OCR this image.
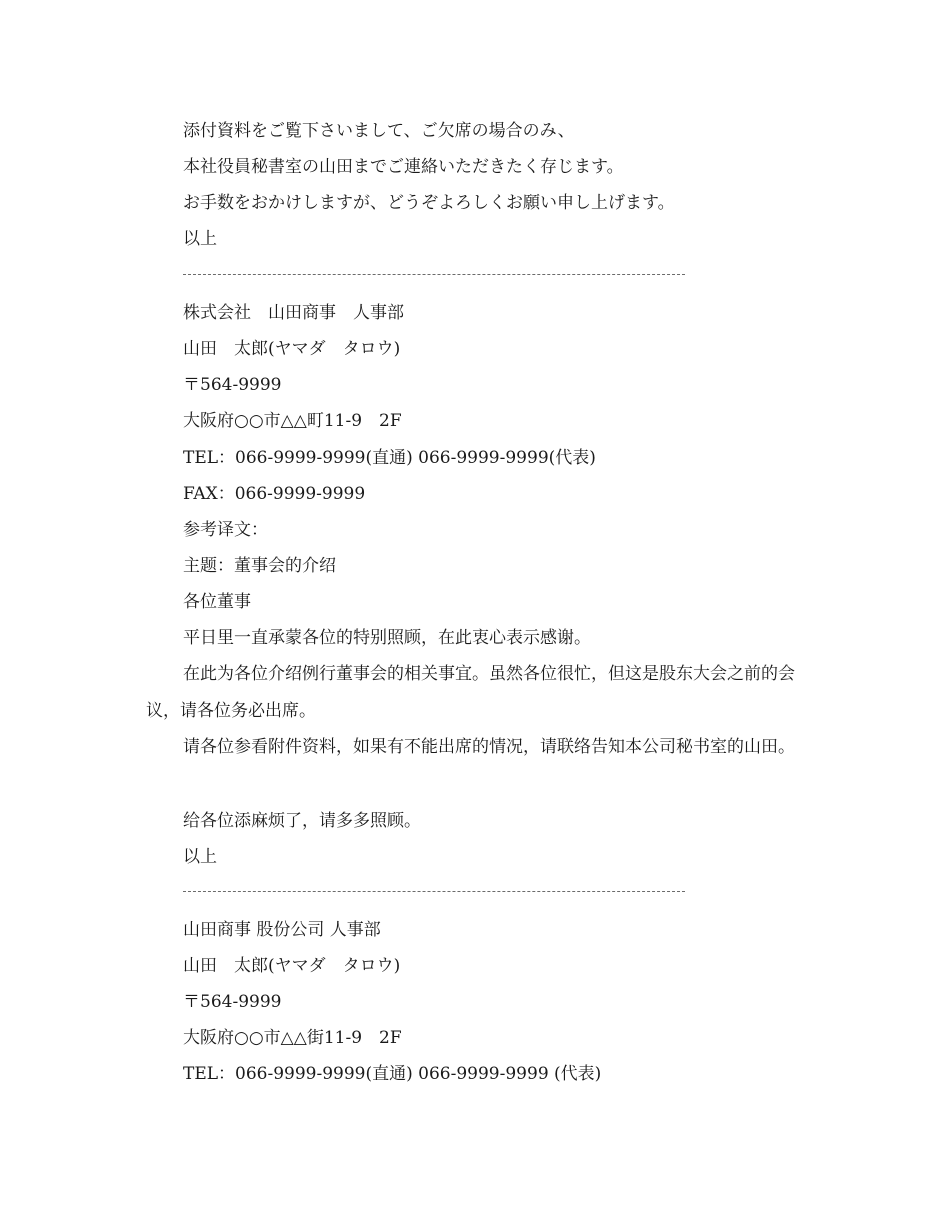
添付資料をご覧下さいまして、ご欠席の場合のみ、
本社役員秘書室の山田までご連絡いただきたく存じます。
お手数をおかけしますが、どうぞよろしくお願い申し上げます。
以上
株式会社　山田商事　人事部
山田　太郎(ヤマダ　タロウ)
〒564-9999
大阪府○○市△△町11-9　2F
TEL：066-9999-9999(直通) 066-9999-9999(代表)
FAX：066-9999-9999
参考译文：
主题：董事会的介绍
各位董事
平日里一直承蒙各位的特别照顾，在此衷心表示感谢。
在此为各位介绍例行董事会的相关事宜。虽然各位很忙，但这是股东大会之前的会议，请各位务必出席。
请各位参看附件资料，如果有不能出席的情况，请联络告知本公司秘书室的山田。
给各位添麻烦了，请多多照顾。
以上
山田商事 股份公司 人事部
山田　太郎(ヤマダ　タロウ)
〒564-9999
大阪府○○市△△街11-9　2F
TEL：066-9999-9999(直通) 066-9999-9999 (代表)
